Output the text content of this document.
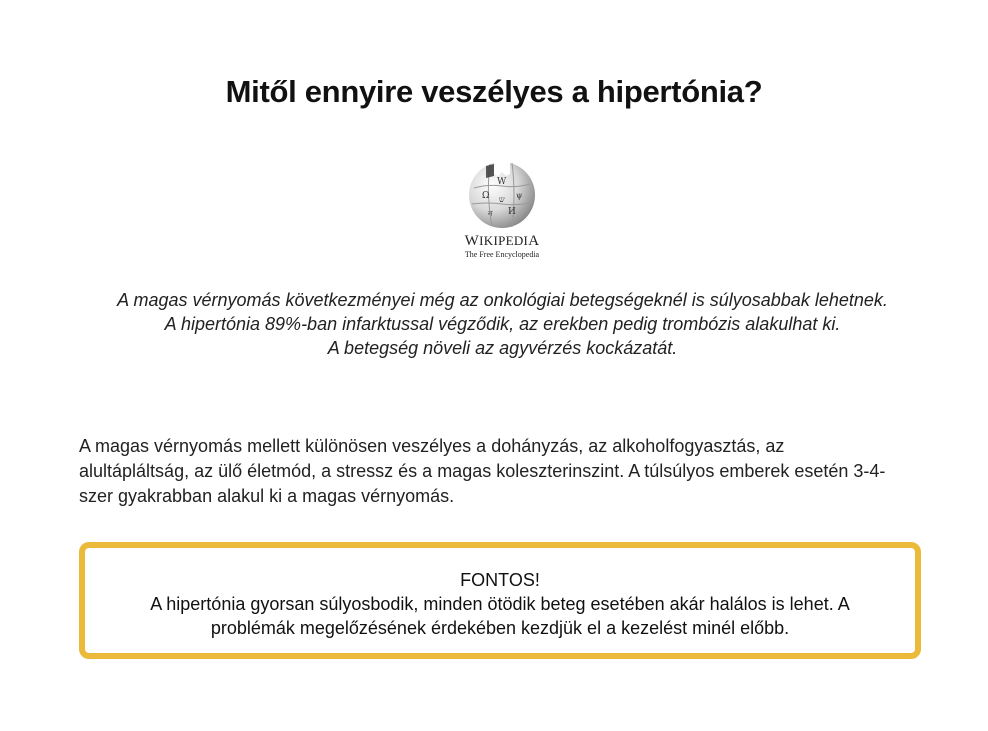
Mitől ennyire veszélyes a hipertónia?
W
Ω	ψ
ש
И
ন
WIKIPEDIA
The Free Encyclopedia

A magas vérnyomás következményei még az onkológiai betegségeknél is súlyosabbak lehetnek.

A hipertónia 89%-ban infarktussal végződik, az erekben pedig trombózis alakulhat ki.

A betegség növeli az agyvérzés kockázatát.

A magas vérnyomás mellett különösen veszélyes a dohányzás, az alkoholfogyasztás, az alultápláltság, az ülő életmód, a stressz és a magas koleszterinszint. A túlsúlyos emberek esetén 3-4-szer gyakrabban alakul ki a magas vérnyomás.

FONTOS!
A hipertónia gyorsan súlyosbodik, minden ötödik beteg esetében akár halálos is lehet. A problémák megelőzésének érdekében kezdjük el a kezelést minél előbb.
